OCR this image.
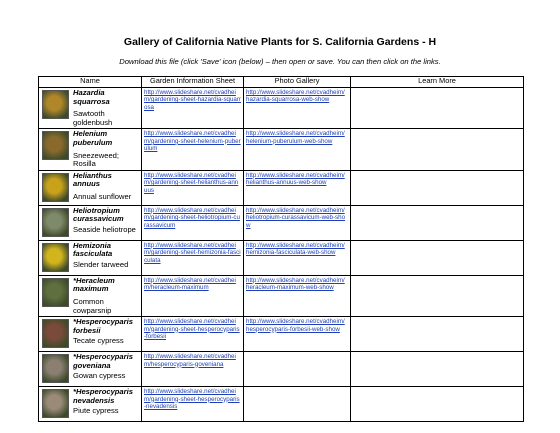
Gallery of California Native Plants for S. California Gardens - H
Download this file (click 'Save' icon (below) – then open or save. You can then click on the links.
Name	Garden Information Sheet	Photo Gallery	Learn More

Hazardia squarrosa
Sawtooth goldenbush	http://www.slideshare.net/cvadheim/gardening-sheet-hazardia-squarrosa	http://www.slideshare.net/cvadheim/hazardia-squarrosa-web-show	

Helenium puberulum
Sneezeweed; Rosilla	http://www.slideshare.net/cvadheim/gardening-sheet-helenium-puberulum	http://www.slideshare.net/cvadheim/helenium-puberulum-web-show	

Helianthus annuus
Annual sunflower	http://www.slideshare.net/cvadheim/gardening-sheet-helianthus-annuus	http://www.slideshare.net/cvadheim/helianthus-annuus-web-show	

Heliotropium curassavicum
Seaside heliotrope	http://www.slideshare.net/cvadheim/gardening-sheet-heliotropium-curassavicum	http://www.slideshare.net/cvadheim/heliotropium-curassavicum-web-show	

Hemizonia fasciculata
Slender tarweed	http://www.slideshare.net/cvadheim/gardening-sheet-hemizonia-fasciculata	http://www.slideshare.net/cvadheim/hemizonia-fasciculata-web-show	

*Heracleum maximum
Common cowparsnip	http://www.slideshare.net/cvadheim/heracleum-maximum	http://www.slideshare.net/cvadheim/heracleum-maximum-web-show	

*Hesperocyparis forbesii
Tecate cypress	http://www.slideshare.net/cvadheim/gardening-sheet-hesperocyparis-forbesii	http://www.slideshare.net/cvadheim/hesperocyparis-forbesii-web-show	

*Hesperocyparis goveniana
Gowan cypress	http://www.slideshare.net/cvadheim/hesperocyparis-goveniana		

*Hesperocyparis nevadensis
Piute cypress	http://www.slideshare.net/cvadheim/gardening-sheet-hesperocyparis-nevadensis		
